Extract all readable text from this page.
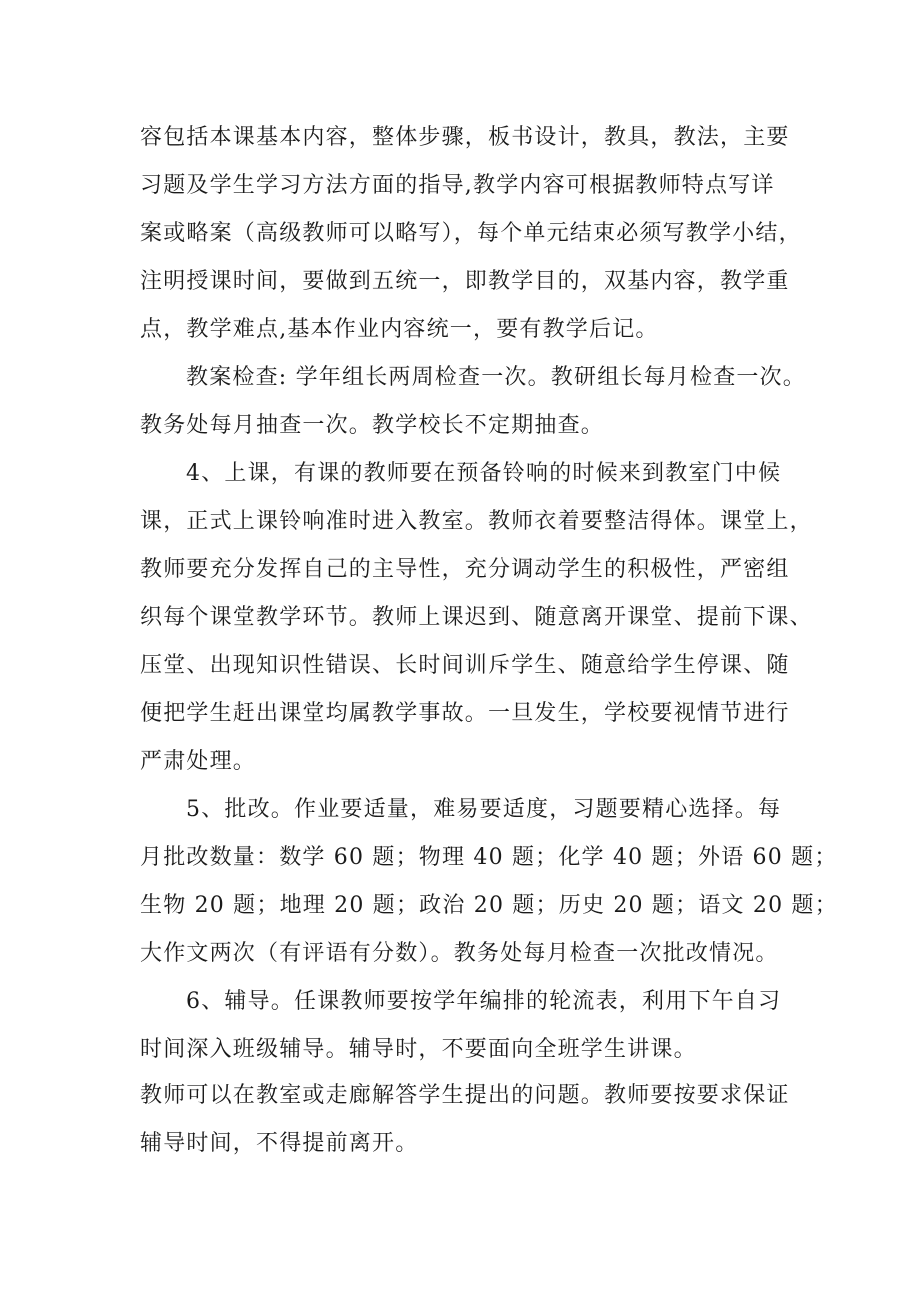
容包括本课基本内容，整体步骤，板书设计，教具，教法，主要

习题及学生学习方法方面的指导,教学内容可根据教师特点写详

案或略案（高级教师可以略写），每个单元结束必须写教学小结，

注明授课时间，要做到五统一，即教学目的，双基内容，教学重

点，教学难点,基本作业内容统一，要有教学后记。

教案检查: 学年组长两周检查一次。教研组长每月检查一次。

教务处每月抽查一次。教学校长不定期抽查。

4、上课，有课的教师要在预备铃响的时候来到教室门中候

课，正式上课铃响准时进入教室。教师衣着要整洁得体。课堂上，

教师要充分发挥自己的主导性，充分调动学生的积极性，严密组

织每个课堂教学环节。教师上课迟到、随意离开课堂、提前下课、

压堂、出现知识性错误、长时间训斥学生、随意给学生停课、随

便把学生赶出课堂均属教学事故。一旦发生，学校要视情节进行

严肃处理。

5、批改。作业要适量，难易要适度，习题要精心选择。每

月批改数量：数学 60 题；物理 40 题；化学 40 题；外语 60 题；

生物 20 题；地理 20 题；政治 20 题；历史 20 题；语文 20 题；

大作文两次（有评语有分数）。教务处每月检查一次批改情况。

6、辅导。任课教师要按学年编排的轮流表，利用下午自习

时间深入班级辅导。辅导时，不要面向全班学生讲课。

教师可以在教室或走廊解答学生提出的问题。教师要按要求保证

辅导时间，不得提前离开。
